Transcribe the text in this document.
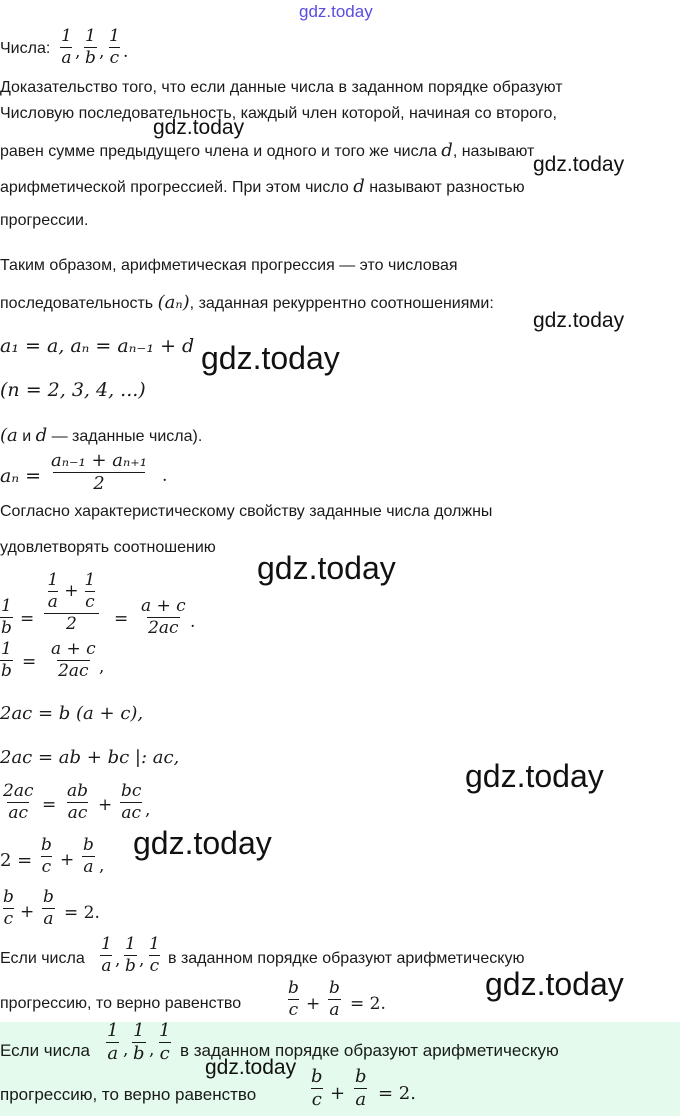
gdz.today
Числа:
1
a ,
1
b ,
1
c .
Доказательство того, что если данные числа в заданном порядке образуют
Числовую последовательность, каждый член которой, начиная со второго,
равен сумме предыдущего члена и одного и того же числа d, называют
арифметической прогрессией. При этом число d называют разностью
прогрессии.
Таким образом, арифметическая прогрессия — это числовая
последовательность (aₙ), заданная рекуррентно соотношениями:
a₁ = a, aₙ = aₙ₋₁ + d
(n = 2, 3, 4, ...)
(a и d — заданные числа).
$a_n = \frac{\text{aₙ₋₁ + aₙ₊₁}}{2}$ .
Согласно характеристическому свойству заданные числа должны
удовлетворять соотношению
1
b =
1
a
+ $\frac{1}{c}$
2	=
a + c
2ac .
1
b =
a + c
2ac ,
2ac = b (a + c),
2ac = ab + bc |: ac,
2ac
ac =
ab
ac +
bc
ac ,
2 =
b
c +
b
a ,
b
c +
b
a = 2.
Если числа
1
a ,
1
b ,
1
c в заданном порядке образуют арифметическую
прогрессию, то верно равенство
b
c +
b
a = 2.
Если числа
1
a ,
1
b ,
1
c в заданном порядке образуют арифметическую
прогрессию, то верно равенство
b
c +
b
a = 2.
gdz.today
gdz.today
gdz.today
gdz.today
gdz.today
gdz.today
gdz.today
gdz.today
gdz.today
